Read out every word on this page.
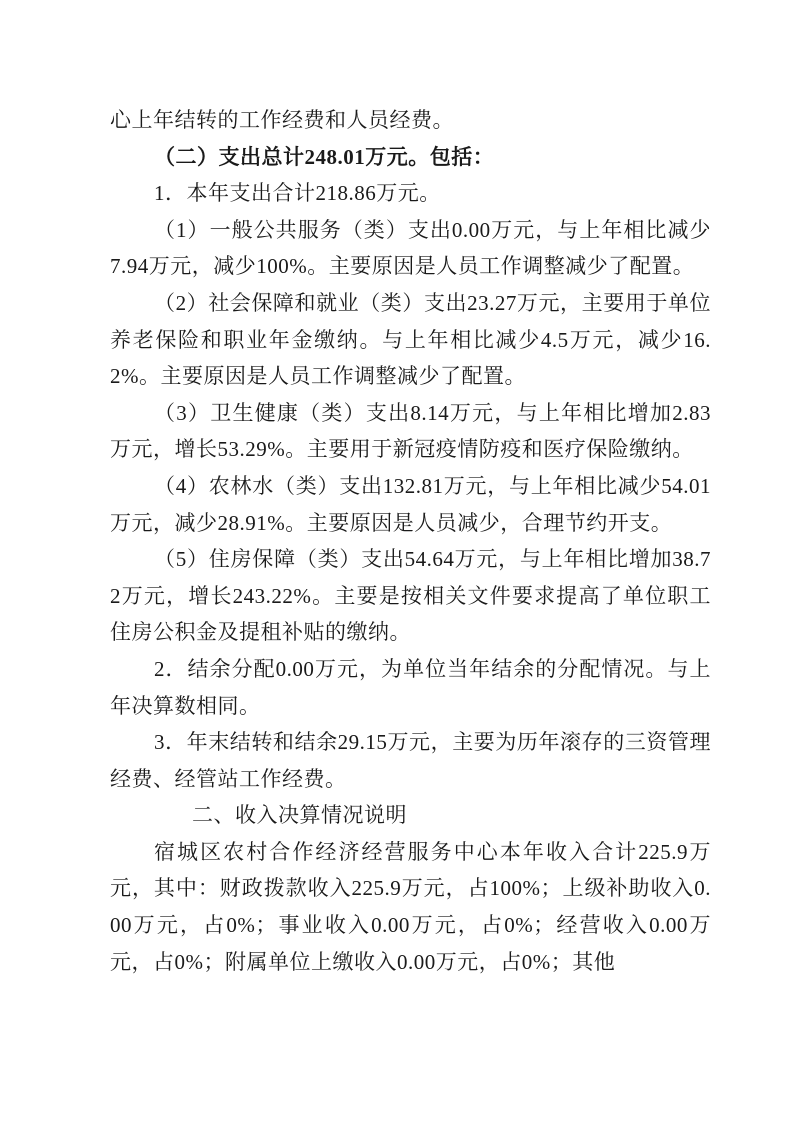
心上年结转的工作经费和人员经费。

（二）支出总计248.01万元。包括：

1．本年支出合计218.86万元。

（1）一般公共服务（类）支出0.00万元，与上年相比减少7.94万元，减少100%。主要原因是人员工作调整减少了配置。

（2）社会保障和就业（类）支出23.27万元，主要用于单位养老保险和职业年金缴纳。与上年相比减少4.5万元，减少16.2%。主要原因是人员工作调整减少了配置。

（3）卫生健康（类）支出8.14万元，与上年相比增加2.83万元，增长53.29%。主要用于新冠疫情防疫和医疗保险缴纳。

（4）农林水（类）支出132.81万元，与上年相比减少54.01万元，减少28.91%。主要原因是人员减少，合理节约开支。

（5）住房保障（类）支出54.64万元，与上年相比增加38.72万元，增长243.22%。主要是按相关文件要求提高了单位职工住房公积金及提租补贴的缴纳。

2．结余分配0.00万元，为单位当年结余的分配情况。与上年决算数相同。

3．年末结转和结余29.15万元，主要为历年滚存的三资管理经费、经管站工作经费。

二、收入决算情况说明

宿城区农村合作经济经营服务中心本年收入合计225.9万元，其中：财政拨款收入225.9万元，占100%；上级补助收入0.00万元，占0%；事业收入0.00万元，占0%；经营收入0.00万元，占0%；附属单位上缴收入0.00万元，占0%；其他
